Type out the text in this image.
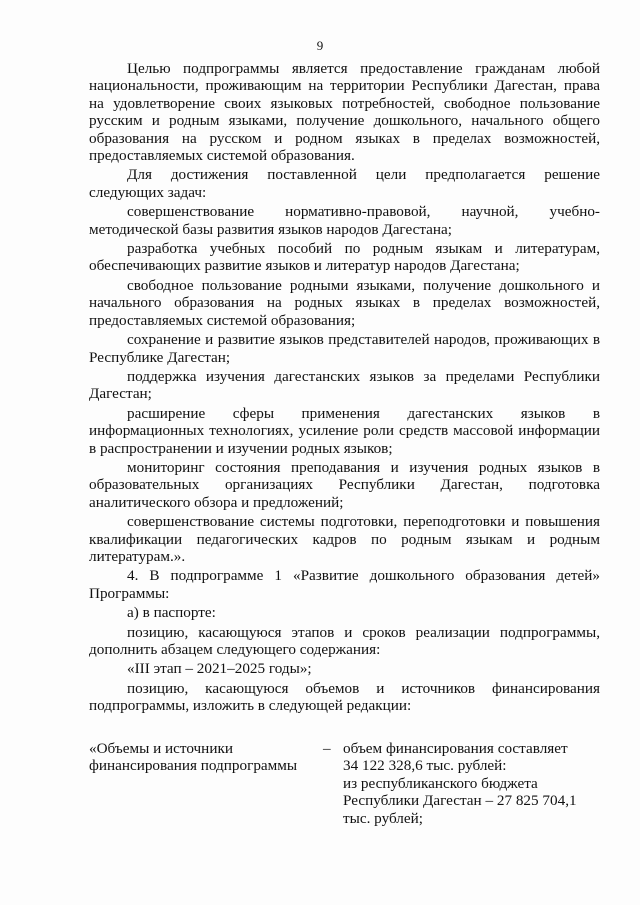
9

Целью подпрограммы является предоставление гражданам любой национальности, проживающим на территории Республики Дагестан, права на удовлетворение своих языковых потребностей, свободное пользование русским и родным языками, получение дошкольного, начального общего образования на русском и родном языках в пределах возможностей, предоставляемых системой образования.

Для достижения поставленной цели предполагается решение следующих задач:

совершенствование нормативно-правовой, научной, учебно-методической базы развития языков народов Дагестана;

разработка учебных пособий по родным языкам и литературам, обеспечивающих развитие языков и литератур народов Дагестана;

свободное пользование родными языками, получение дошкольного и начального образования на родных языках в пределах возможностей, предоставляемых системой образования;

сохранение и развитие языков представителей народов, проживающих в Республике Дагестан;

поддержка изучения дагестанских языков за пределами Республики Дагестан;

расширение сферы применения дагестанских языков в информационных технологиях, усиление роли средств массовой информации в распространении и изучении родных языков;

мониторинг состояния преподавания и изучения родных языков в образовательных организациях Республики Дагестан, подготовка аналитического обзора и предложений;

совершенствование системы подготовки, переподготовки и повышения квалификации педагогических кадров по родным языкам и родным литературам.».

4. В подпрограмме 1 «Развитие дошкольного образования детей» Программы:

а) в паспорте:

позицию, касающуюся этапов и сроков реализации подпрограммы, дополнить абзацем следующего содержания:

«III этап – 2021–2025 годы»;

позицию, касающуюся объемов и источников финансирования подпрограммы, изложить в следующей редакции:

«Объемы и источники финансирования подпрограммы
– объем финансирования составляет
34 122 328,6 тыс. рублей:
из республиканского бюджета
Республики Дагестан – 27 825 704,1
тыс. рублей;
